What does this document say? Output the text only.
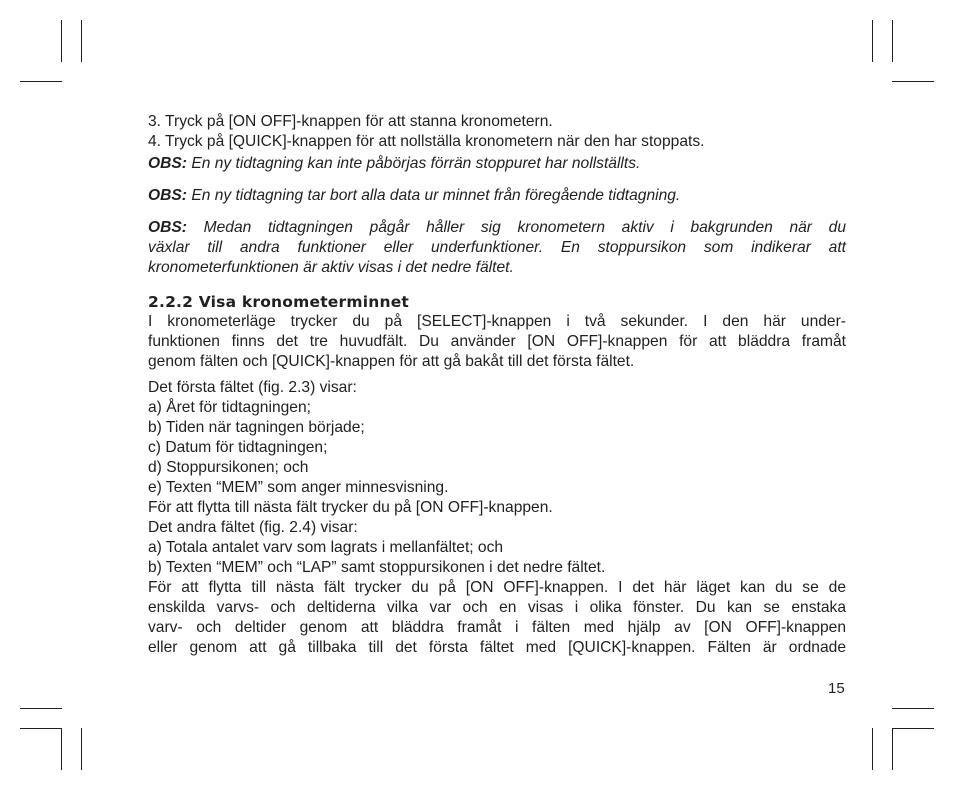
3. Tryck på [ON OFF]-knappen för att stanna kronometern.
4. Tryck på [QUICK]-knappen för att nollställa kronometern när den har stoppats.
OBS: En ny tidtagning kan inte påbörjas förrän stoppuret har nollställts.
OBS: En ny tidtagning tar bort alla data ur minnet från föregående tidtagning.
OBS: Medan tidtagningen pågår håller sig kronometern aktiv i bakgrunden när du
växlar till andra funktioner eller underfunktioner. En stoppursikon som indikerar att
kronometerfunktionen är aktiv visas i det nedre fältet.
2.2.2 Visa kronometerminnet
I kronometerläge trycker du på [SELECT]-knappen i två sekunder. I den här under-
funktionen finns det tre huvudfält. Du använder [ON OFF]-knappen för att bläddra framåt
genom fälten och [QUICK]-knappen för att gå bakåt till det första fältet.
Det första fältet (fig. 2.3) visar:
a) Året för tidtagningen;
b) Tiden när tagningen började;
c) Datum för tidtagningen;
d) Stoppursikonen; och
e) Texten “MEM” som anger minnesvisning.
För att flytta till nästa fält trycker du på [ON OFF]-knappen.
Det andra fältet (fig. 2.4) visar:
a) Totala antalet varv som lagrats i mellanfältet; och
b) Texten “MEM” och “LAP” samt stoppursikonen i det nedre fältet.
För att flytta till nästa fält trycker du på [ON OFF]-knappen. I det här läget kan du se de
enskilda varvs- och deltiderna vilka var och en visas i olika fönster. Du kan se enstaka
varv- och deltider genom att bläddra framåt i fälten med hjälp av [ON OFF]-knappen
eller genom att gå tillbaka till det första fältet med [QUICK]-knappen. Fälten är ordnade
15
